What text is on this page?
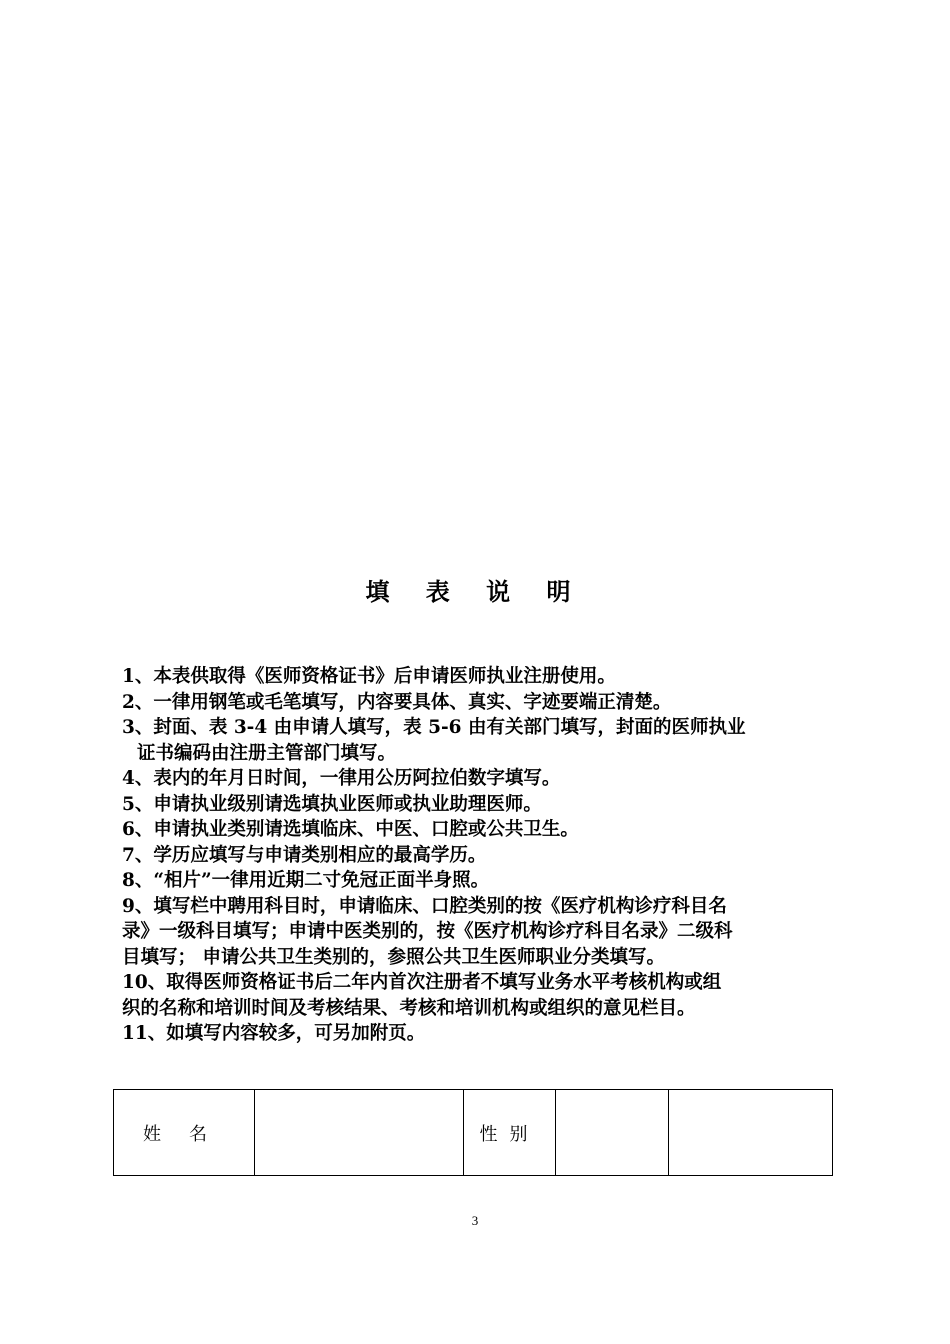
填 表 说 明
1、本表供取得《医师资格证书》后申请医师执业注册使用。
2、一律用钢笔或毛笔填写，内容要具体、真实、字迹要端正清楚。
3、封面、表 3-4 由申请人填写，表 5-6 由有关部门填写，封面的医师执业
证书编码由注册主管部门填写。
4、表内的年月日时间，一律用公历阿拉伯数字填写。
5、申请执业级别请选填执业医师或执业助理医师。
6、申请执业类别请选填临床、中医、口腔或公共卫生。
7、学历应填写与申请类别相应的最高学历。
8、“相片”一律用近期二寸免冠正面半身照。
9、填写栏中聘用科目时，申请临床、口腔类别的按《医疗机构诊疗科目名
录》一级科目填写；申请中医类别的，按《医疗机构诊疗科目名录》二级科
目填写； 申请公共卫生类别的，参照公共卫生医师职业分类填写。
10、取得医师资格证书后二年内首次注册者不填写业务水平考核机构或组
织的名称和培训时间及考核结果、考核和培训机构或组织的意见栏目。
11、如填写内容较多，可另加附页。
姓名		性别		
3
